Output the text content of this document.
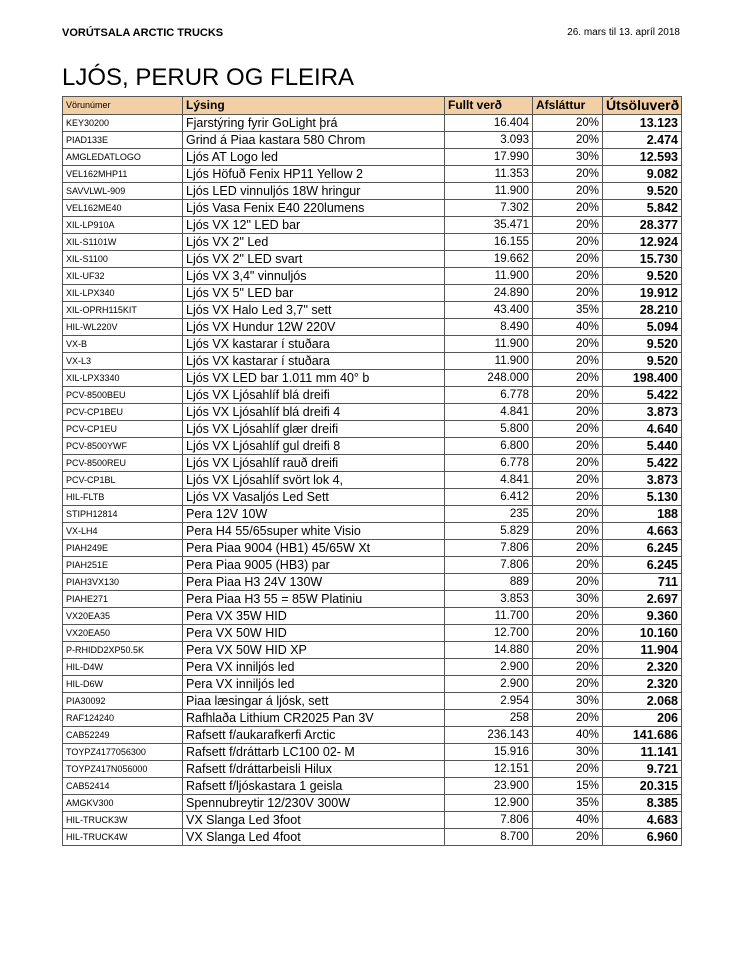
VORÚTSALA ARCTIC TRUCKS	26. mars til 13. apríl 2018
LJÓS, PERUR OG FLEIRA
Vörunúmer	Lýsing	Fullt verð	Afsláttur	Útsöluverð
KEY30200	Fjarstýring fyrir GoLight þrá	16.404	20%	13.123
PIAD133E	Grind á Piaa kastara 580 Chrom	3.093	20%	2.474
AMGLEDATLOGO	Ljós AT Logo led	17.990	30%	12.593
VEL162MHP11	Ljós Höfuð Fenix HP11 Yellow 2	11.353	20%	9.082
SAVVLWL-909	Ljós LED vinnuljós 18W hringur	11.900	20%	9.520
VEL162ME40	Ljós Vasa Fenix E40 220lumens	7.302	20%	5.842
XIL-LP910A	Ljós VX 12" LED bar	35.471	20%	28.377
XIL-S1101W	Ljós VX 2" Led	16.155	20%	12.924
XIL-S1100	Ljós VX 2" LED svart	19.662	20%	15.730
XIL-UF32	Ljós VX 3,4" vinnuljós	11.900	20%	9.520
XIL-LPX340	Ljós VX 5" LED bar	24.890	20%	19.912
XIL-OPRH115KIT	Ljós VX Halo Led 3,7" sett	43.400	35%	28.210
HIL-WL220V	Ljós VX Hundur 12W 220V	8.490	40%	5.094
VX-B	Ljós VX kastarar í stuðara	11.900	20%	9.520
VX-L3	Ljós VX kastarar í stuðara	11.900	20%	9.520
XIL-LPX3340	Ljós VX LED bar 1.011 mm 40° b	248.000	20%	198.400
PCV-8500BEU	Ljós VX Ljósahlíf blá dreifi	6.778	20%	5.422
PCV-CP1BEU	Ljós VX Ljósahlíf blá dreifi 4	4.841	20%	3.873
PCV-CP1EU	Ljós VX Ljósahlíf glær dreifi	5.800	20%	4.640
PCV-8500YWF	Ljós VX Ljósahlíf gul dreifi 8	6.800	20%	5.440
PCV-8500REU	Ljós VX Ljósahlíf rauð dreifi	6.778	20%	5.422
PCV-CP1BL	Ljós VX Ljósahlíf svört lok 4,	4.841	20%	3.873
HIL-FLTB	Ljós VX Vasaljós Led Sett	6.412	20%	5.130
STIPH12814	Pera 12V 10W	235	20%	188
VX-LH4	Pera H4 55/65super white Visio	5.829	20%	4.663
PIAH249E	Pera Piaa 9004 (HB1) 45/65W Xt	7.806	20%	6.245
PIAH251E	Pera Piaa 9005 (HB3) par	7.806	20%	6.245
PIAH3VX130	Pera Piaa H3 24V 130W	889	20%	711
PIAHE271	Pera Piaa H3 55 = 85W Platiniu	3.853	30%	2.697
VX20EA35	Pera VX 35W HID	11.700	20%	9.360
VX20EA50	Pera VX 50W HID	12.700	20%	10.160
P-RHIDD2XP50.5K	Pera VX 50W HID XP	14.880	20%	11.904
HIL-D4W	Pera VX inniljós led	2.900	20%	2.320
HIL-D6W	Pera VX inniljós led	2.900	20%	2.320
PIA30092	Piaa læsingar á ljósk, sett	2.954	30%	2.068
RAF124240	Rafhlaða Lithium CR2025 Pan 3V	258	20%	206
CAB52249	Rafsett f/aukarafkerfi Arctic	236.143	40%	141.686
TOYPZ4177056300	Rafsett f/dráttarb LC100 02- M	15.916	30%	11.141
TOYPZ417N056000	Rafsett f/dráttarbeisli Hilux	12.151	20%	9.721
CAB52414	Rafsett f/ljóskastara 1 geisla	23.900	15%	20.315
AMGKV300	Spennubreytir 12/230V 300W	12.900	35%	8.385
HIL-TRUCK3W	VX Slanga Led 3foot	7.806	40%	4.683
HIL-TRUCK4W	VX Slanga Led 4foot	8.700	20%	6.960
